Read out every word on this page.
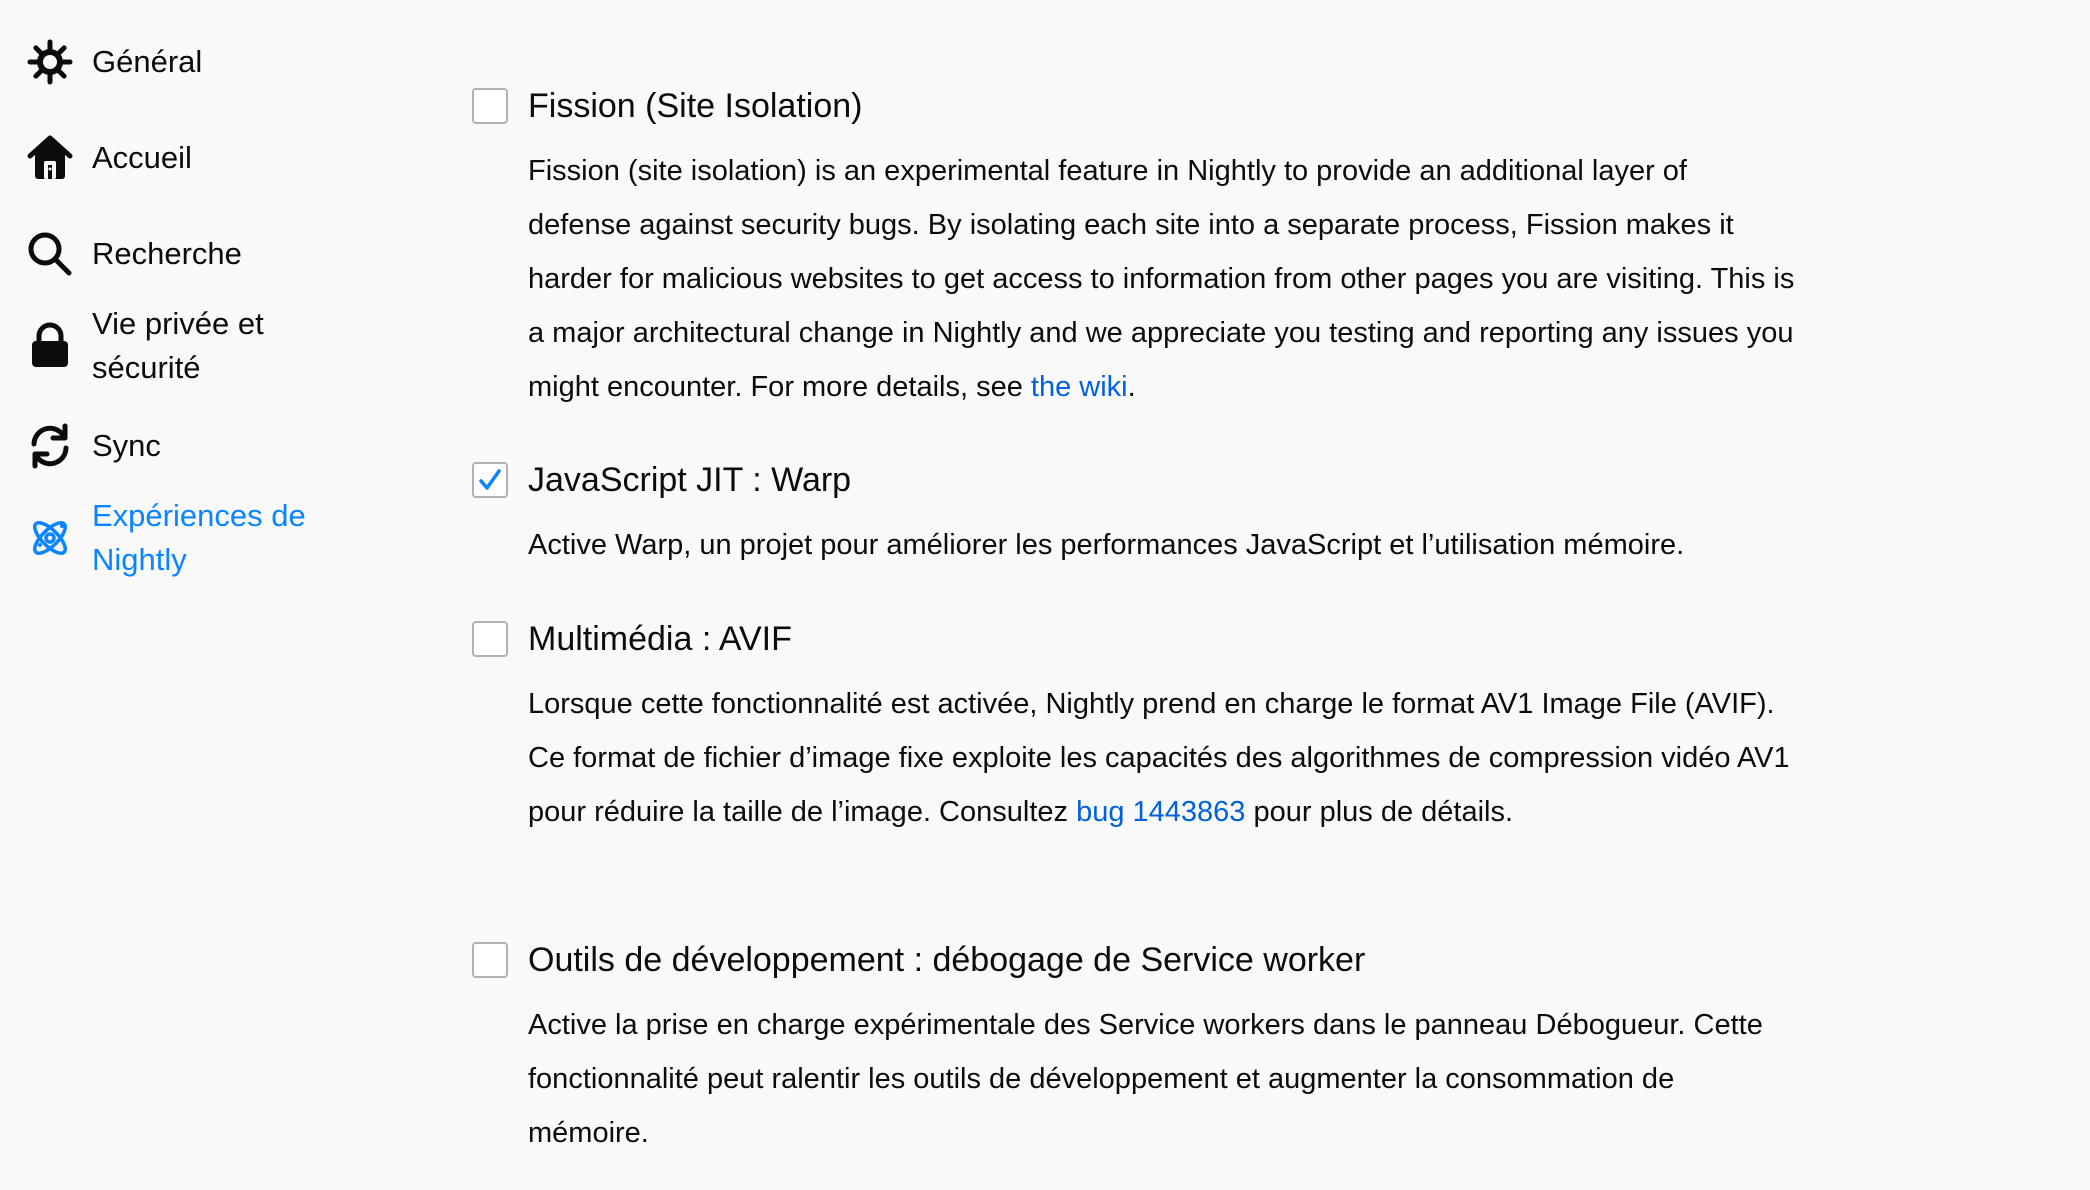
Général
Accueil
Recherche
Vie privée et
sécurité
Sync
Expériences de
Nightly
Fission (Site Isolation)

Fission (site isolation) is an experimental feature in Nightly to provide an additional layer of defense against security bugs. By isolating each site into a separate process, Fission makes it harder for malicious websites to get access to information from other pages you are visiting. This is a major architectural change in Nightly and we appreciate you testing and reporting any issues you might encounter. For more details, see the wiki.

JavaScript JIT : Warp

Active Warp, un projet pour améliorer les performances JavaScript et l’utilisation mémoire.

Multimédia : AVIF

Lorsque cette fonctionnalité est activée, Nightly prend en charge le format AV1 Image File (AVIF). Ce format de fichier d’image fixe exploite les capacités des algorithmes de compression vidéo AV1 pour réduire la taille de l’image. Consultez bug 1443863 pour plus de détails.

Outils de développement : débogage de Service worker

Active la prise en charge expérimentale des Service workers dans le panneau Débogueur. Cette fonctionnalité peut ralentir les outils de développement et augmenter la consommation de mémoire.
